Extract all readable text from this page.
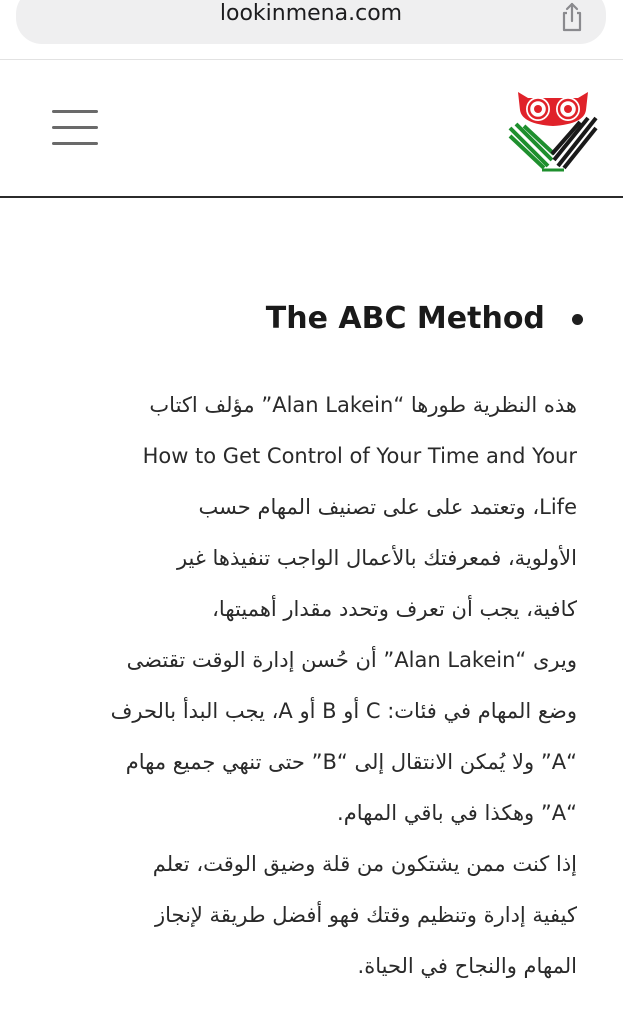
lookinmena.com
The ABC Method
هذه النظرية طورها “Alan Lakein” مؤلف اكتاب
How to Get Control of Your Time and Your
Life، وتعتمد على على تصنيف المهام حسب
الأولوية، فمعرفتك بالأعمال الواجب تنفيذها غير
كافية، يجب أن تعرف وتحدد مقدار أهميتها،
ويرى “Alan Lakein” أن حُسن إدارة الوقت تقتضى
وضع المهام في فئات: C أو B أو A، يجب البدأ بالحرف
“A” ولا يُمكن الانتقال إلى “B” حتى تنهي جميع مهام
“A” وهكذا في باقي المهام.
إذا كنت ممن يشتكون من قلة وضيق الوقت، تعلم
كيفية إدارة وتنظيم وقتك فهو أفضل طريقة لإنجاز
المهام والنجاح في الحياة.
